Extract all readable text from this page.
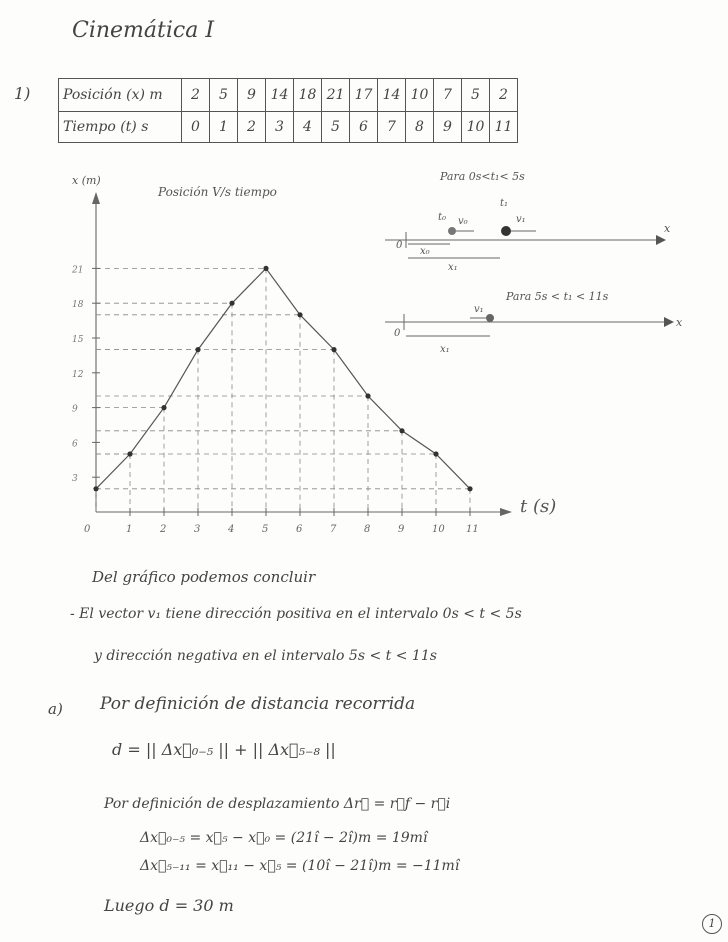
Cinemática I
1) Posición (x) m	2	5	9	14	18	21	17	14	10	7	5	2
Tiempo (t) s	0	1	2	3	4	5	6	7	8	9	10	11
x (m)
Posición V/s tiempo
t (s)
3
6
9
12
15
18
21
0	1	2	3	4	5	6	7	8	9	10 11
Para 0s<t₁< 5s
x
0
t₀ v₀
t₁
v₁
x₀
x₁
Para 5s < t₁ < 11s
x
0
v₁
x₁
Del gráfico podemos concluir
- El vector v₁ tiene dirección positiva en el intervalo 0s < t < 5s
y dirección negativa en el intervalo 5s < t < 11s
a) Por definición de distancia recorrida
d = || Δx⃗₀₋₅ || + || Δx⃗₅₋₈ ||
Por definición de desplazamiento Δr⃗ = r⃗f − r⃗i
Δx⃗₀₋₅ = x⃗₅ − x⃗₀ = (21î − 2î)m = 19mî
Δx⃗₅₋₁₁ = x⃗₁₁ − x⃗₅ = (10î − 21î)m = −11mî
Luego d = 30 m
1
